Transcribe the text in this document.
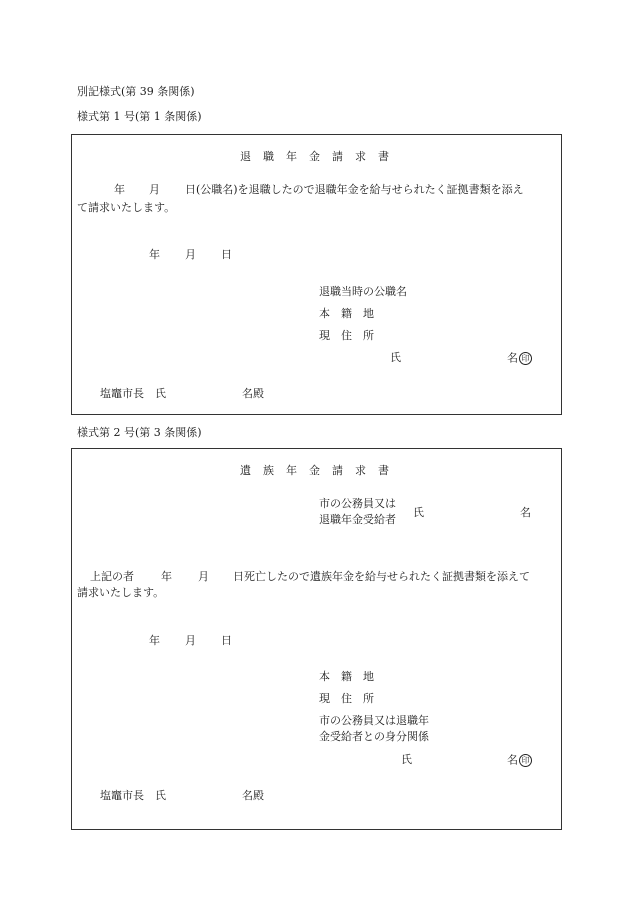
別記様式(第 39 条関係)
様式第 1 号(第 1 条関係)
退職年金請求書
年 月 日(公職名)を退職したので退職年金を給与せられたく証拠書類を添え
て請求いたします。
年 月 日
退職当時の公職名
本籍地
現住所
氏	名 印
塩竈市長　氏	名殿
様式第 2 号(第 3 条関係)
遺族年金請求書
市の公務員又は
退職年金受給者
氏	名
上記の者 年 月 日死亡したので遺族年金を給与せられたく証拠書類を添えて
請求いたします。
年 月 日
本籍地
現住所
市の公務員又は退職年
金受給者との身分関係
氏	名 印
塩竈市長　氏	名殿
